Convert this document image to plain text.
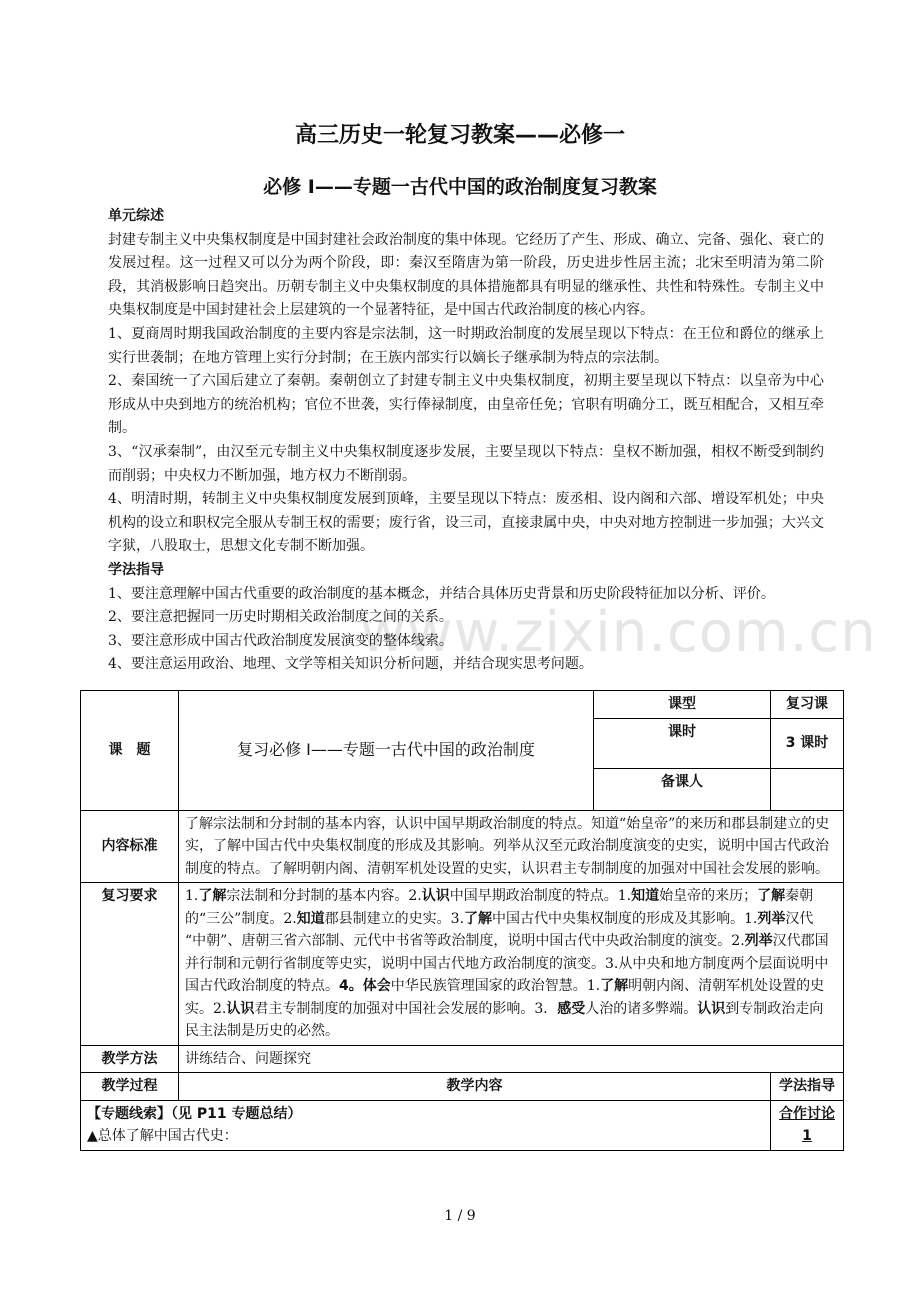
高三历史一轮复习教案——必修一
必修 I——专题一古代中国的政治制度复习教案
www.zixin.com.cn
单元综述

封建专制主义中央集权制度是中国封建社会政治制度的集中体现。它经历了产生、形成、确立、完备、强化、衰亡的发展过程。这一过程又可以分为两个阶段，即：秦汉至隋唐为第一阶段，历史进步性居主流；北宋至明清为第二阶段，其消极影响日趋突出。历朝专制主义中央集权制度的具体措施都具有明显的继承性、共性和特殊性。专制主义中央集权制度是中国封建社会上层建筑的一个显著特征，是中国古代政治制度的核心内容。

1、夏商周时期我国政治制度的主要内容是宗法制，这一时期政治制度的发展呈现以下特点：在王位和爵位的继承上实行世袭制；在地方管理上实行分封制；在王族内部实行以嫡长子继承制为特点的宗法制。

2、秦国统一了六国后建立了秦朝。秦朝创立了封建专制主义中央集权制度，初期主要呈现以下特点：以皇帝为中心形成从中央到地方的统治机构；官位不世袭，实行俸禄制度，由皇帝任免；官职有明确分工，既互相配合，又相互牵制。

3、“汉承秦制”，由汉至元专制主义中央集权制度逐步发展，主要呈现以下特点：皇权不断加强，相权不断受到制约而削弱；中央权力不断加强，地方权力不断削弱。

4、明清时期，转制主义中央集权制度发展到顶峰，主要呈现以下特点：废丞相、设内阁和六部、增设军机处；中央机构的设立和职权完全服从专制王权的需要；废行省，设三司，直接隶属中央，中央对地方控制进一步加强；大兴文字狱，八股取士，思想文化专制不断加强。

学法指导

1、要注意理解中国古代重要的政治制度的基本概念，并结合具体历史背景和历史阶段特征加以分析、评价。

2、要注意把握同一历史时期相关政治制度之间的关系。

3、要注意形成中国古代政治制度发展演变的整体线索。

4、要注意运用政治、地理、文学等相关知识分析问题，并结合现实思考问题。

课　题	复习必修 I——专题一古代中国的政治制度	课型	复习课
		课时	3 课时
		备课人	
内容标准	了解宗法制和分封制的基本内容，认识中国早期政治制度的特点。知道“始皇帝”的来历和郡县制建立的史实，了解中国古代中央集权制度的形成及其影响。列举从汉至元政治制度演变的史实，说明中国古代政治制度的特点。了解明朝内阁、清朝军机处设置的史实，认识君主专制制度的加强对中国社会发展的影响。		
复习要求	1.了解宗法制和分封制的基本内容。2.认识中国早期政治制度的特点。1.知道始皇帝的来历；了解秦朝的“三公”制度。2.知道郡县制建立的史实。3.了解中国古代中央集权制度的形成及其影响。1.列举汉代 “中朝”、唐朝三省六部制、元代中书省等政治制度，说明中国古代中央政治制度的演变。2.列举汉代郡国并行制和元朝行省制度等史实，说明中国古代地方政治制度的演变。3.从中央和地方制度两个层面说明中国古代政治制度的特点。4。体会中华民族管理国家的政治智慧。1.了解明朝内阁、清朝军机处设置的史实。2.认识君主专制制度的加强对中国社会发展的影响。3．感受人治的诸多弊端。认识到专制政治走向民主法制是历史的必然。		
教学方法	讲练结合、问题探究		
教学过程	教学内容		学法指导

【专题线索】（见 P11 专题总结）
▲总体了解中国古代史：			合作讨论 1
1 / 9
